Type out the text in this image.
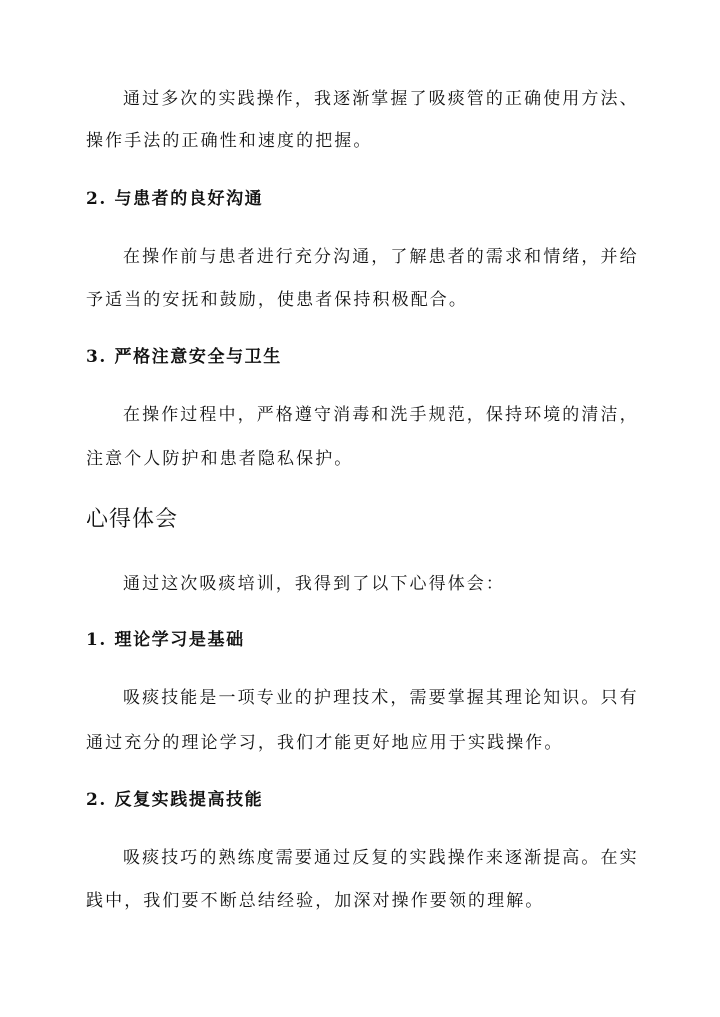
通过多次的实践操作，我逐渐掌握了吸痰管的正确使用方法、
操作手法的正确性和速度的把握。
2. 与患者的良好沟通
在操作前与患者进行充分沟通，了解患者的需求和情绪，并给
予适当的安抚和鼓励，使患者保持积极配合。
3. 严格注意安全与卫生
在操作过程中，严格遵守消毒和洗手规范，保持环境的清洁，
注意个人防护和患者隐私保护。
心得体会
通过这次吸痰培训，我得到了以下心得体会：
1. 理论学习是基础
吸痰技能是一项专业的护理技术，需要掌握其理论知识。只有
通过充分的理论学习，我们才能更好地应用于实践操作。
2. 反复实践提高技能
吸痰技巧的熟练度需要通过反复的实践操作来逐渐提高。在实
践中，我们要不断总结经验，加深对操作要领的理解。
